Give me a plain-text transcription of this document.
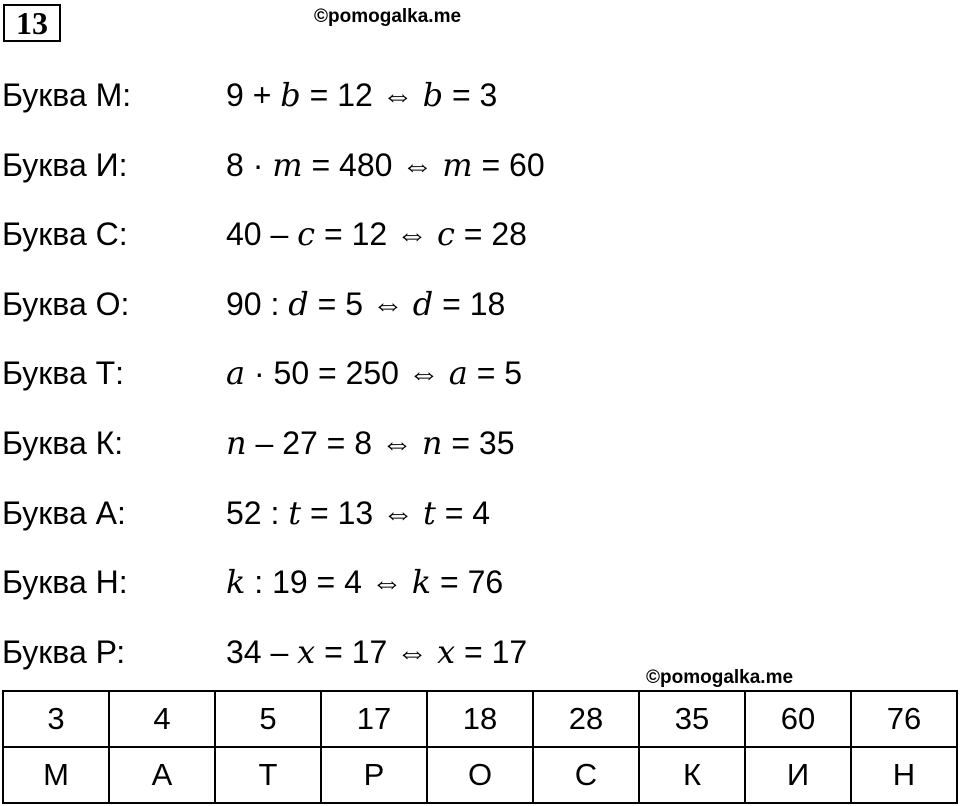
13	©pomogalka.me
Буква М:	9 + b = 12 ⇔ b = 3
Буква И:	8 · m = 480 ⇔ m = 60
Буква С:	40 – c = 12 ⇔ c = 28
Буква О:	90 : d = 5 ⇔ d = 18
Буква Т:	a · 50 = 250 ⇔ a = 5
Буква К:	n – 27 = 8 ⇔ n = 35
Буква А:	52 : t = 13 ⇔ t = 4
Буква Н:	k : 19 = 4 ⇔ k = 76
Буква Р:	34 – x = 17 ⇔ x = 17
©pomogalka.me
3	4	5	17	18	28	35	60	76
М	А	Т	Р	О	С	К	И	Н
